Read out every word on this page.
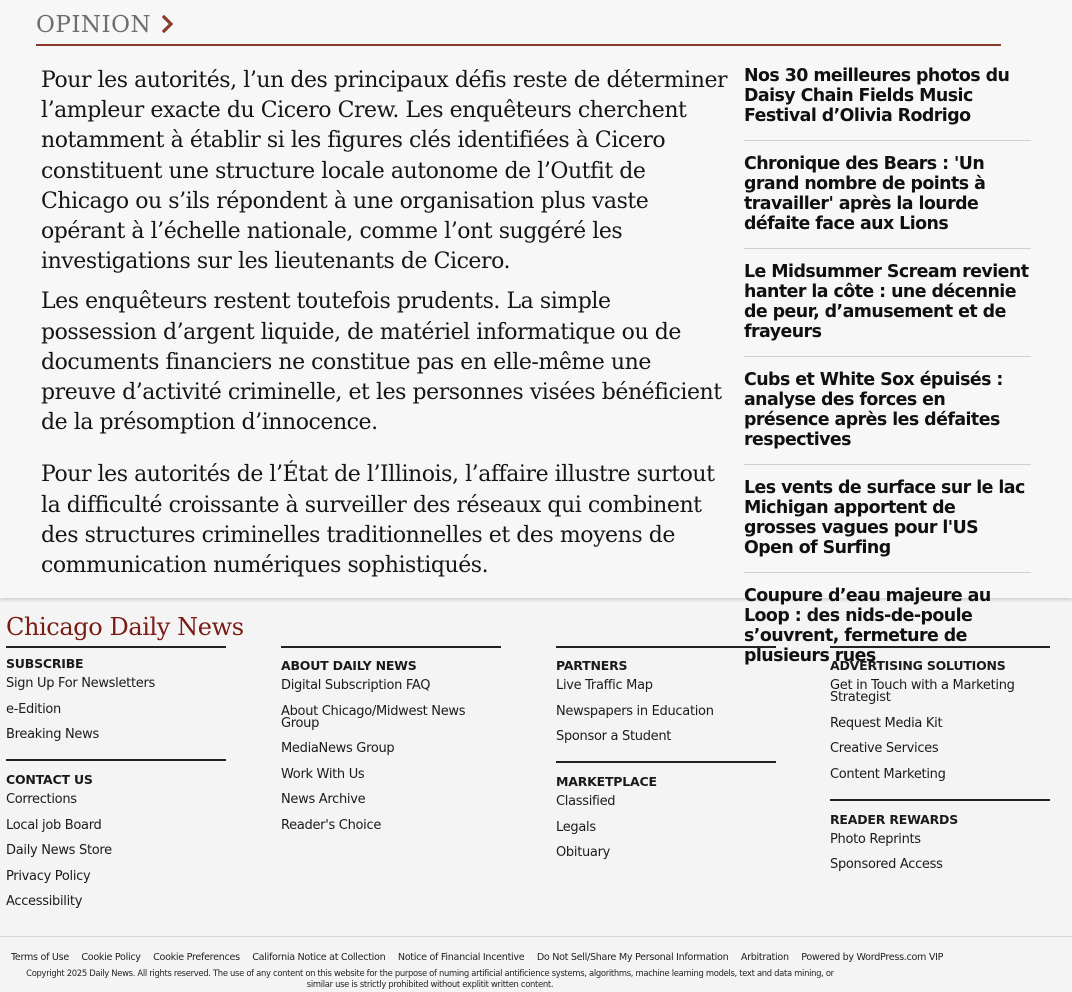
OPINION

Pour les autorités, l’un des principaux défis reste de déterminer l’ampleur exacte du Cicero Crew. Les enquêteurs cherchent notamment à établir si les figures clés identifiées à Cicero constituent une structure locale autonome de l’Outfit de Chicago ou s’ils répondent à une organisation plus vaste opérant à l’échelle nationale, comme l’ont suggéré les investigations sur les lieutenants de Cicero.

Les enquêteurs restent toutefois prudents. La simple possession d’argent liquide, de matériel informatique ou de documents financiers ne constitue pas en elle-même une preuve d’activité criminelle, et les personnes visées bénéficient de la présomption d’innocence.

Pour les autorités de l’État de l’Illinois, l’affaire illustre surtout la difficulté croissante à surveiller des réseaux qui combinent des structures criminelles traditionnelles et des moyens de communication numériques sophistiqués.

Nos 30 meilleures photos du Daisy Chain Fields Music Festival d’Olivia Rodrigo
Chronique des Bears : 'Un grand nombre de points à travailler' après la lourde défaite face aux Lions
Le Midsummer Scream revient hanter la côte : une décennie de peur, d’amusement et de frayeurs
Cubs et White Sox épuisés : analyse des forces en présence après les défaites respectives
Les vents de surface sur le lac Michigan apportent de grosses vagues pour l'US Open of Surfing
Coupure d’eau majeure au Loop : des nids-de-poule s’ouvrent, fermeture de plusieurs rues
Chicago Daily News
SUBSCRIBE
Sign Up For Newsletters
e-Edition
Breaking News
CONTACT US
Corrections
Local job Board
Daily News Store
Privacy Policy
Accessibility
ABOUT DAILY NEWS
Digital Subscription FAQ
About Chicago/Midwest News Group
MediaNews Group
Work With Us
News Archive
Reader's Choice
PARTNERS
Live Traffic Map
Newspapers in Education
Sponsor a Student
MARKETPLACE
Classified
Legals
Obituary
ADVERTISING SOLUTIONS
Get in Touch with a Marketing Strategist
Request Media Kit
Creative Services
Content Marketing
READER REWARDS
Photo Reprints
Sponsored Access
Terms of Use Cookie Policy Cookie Preferences California Notice at Collection Notice of Financial Incentive Do Not Sell/Share My Personal Information Arbitration Powered by WordPress.com VIP
Copyright 2025 Daily News. All rights reserved. The use of any content on this website for the purpose of numing artificial antificience systems, algorithms, machine learning models, text and data mining, or similar use is strictly prohibited without explitit written content.
